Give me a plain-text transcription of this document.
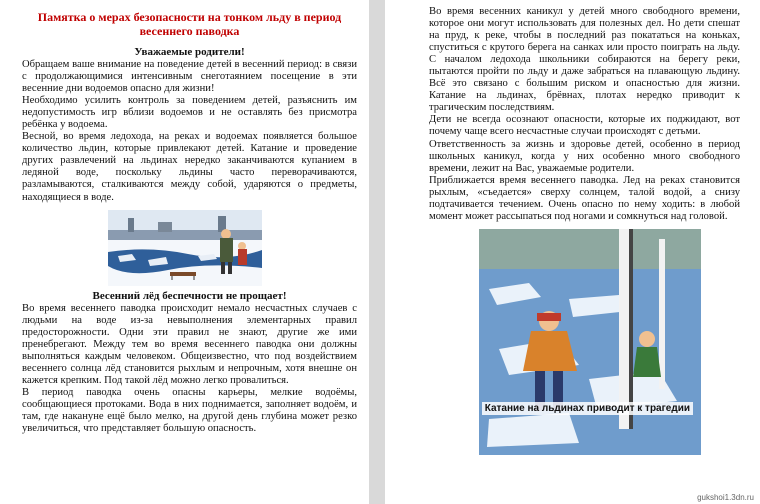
Памятка о мерах безопасности на тонком льду в период весеннего паводка
Уважаемые родители!

Обращаем ваше внимание на поведение детей в весенний период: в связи с продолжающимися интенсивным снеготаянием посещение в эти весенние дни водоемов опасно для жизни!

Необходимо усилить контроль за поведением детей, разъяснить им недопустимость игр вблизи водоемов и не оставлять без присмотра ребёнка у водоема.

Весной, во время ледохода, на реках и водоемах появляется большое количество льдин, которые привлекают детей. Катание и проведение других развлечений на льдинах нередко заканчиваются купанием в ледяной воде, поскольку льдины часто переворачиваются, разламываются, сталкиваются между собой, ударяются о предметы, находящиеся в воде.

Весенний лёд беспечности не прощает!

Во время весеннего паводка происходит немало несчастных случаев с людьми на воде из-за невыполнения элементарных правил предосторожности. Одни эти правил не знают, другие же ими пренебрегают. Между тем во время весеннего паводка они должны выполняться каждым человеком. Общеизвестно, что под воздействием весеннего солнца лёд становится рыхлым и непрочным, хотя внешне он кажется крепким. Под такой лёд можно легко провалиться.

В период паводка очень опасны карьеры, мелкие водоёмы, сообщающиеся протоками. Вода в них поднимается, заполняет водоём, и там, где накануне ещё было мелко, на другой день глубина может резко увеличиться, что представляет большую опасность.

Во время весенних каникул у детей много свободного времени, которое они могут использовать для полезных дел. Но дети спешат на пруд, к реке, чтобы в последний раз покататься на коньках, спуститься с крутого берега на санках или просто поиграть на льду. С началом ледохода школьники собираются на берегу реки, пытаются пройти по льду и даже забраться на плавающую льдину. Всё это связано с большим риском и опасностью для жизни. Катание на льдинах, брёвнах, плотах нередко приводит к трагическим последствиям.

Дети не всегда осознают опасности, которые их поджидают, вот почему чаще всего несчастные случаи происходят с детьми.

Ответственность за жизнь и здоровье детей, особенно в период школьных каникул, когда у них особенно много свободного времени, лежит на Вас, уважаемые родители.

Приближается время весеннего паводка. Лед на реках становится рыхлым, «съедается» сверху солнцем, талой водой, а снизу подтачивается течением. Очень опасно по нему ходить: в любой момент может рассыпаться под ногами и сомкнуться над головой.

Катание на льдинах приводит к трагедии
gukshoi1.3dn.ru
